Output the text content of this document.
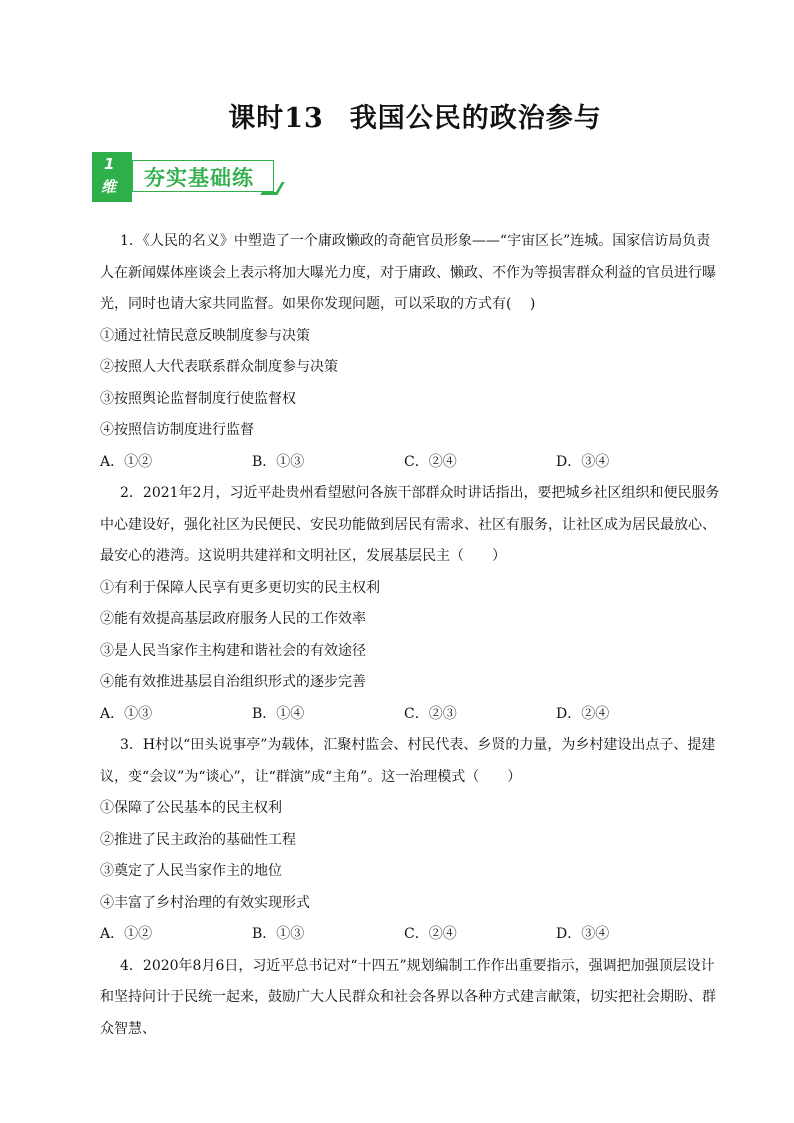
课时13 我国公民的政治参与
1
维 夯实基础练
1．《人民的名义》中塑造了一个庸政懒政的奇葩官员形象——“宇宙区长”连城。国家信访局负责人在新闻媒体座谈会上表示将加大曝光力度，对于庸政、懒政、不作为等损害群众利益的官员进行曝光，同时也请大家共同监督。如果你发现问题，可以采取的方式有(　 )
①通过社情民意反映制度参与决策
②按照人大代表联系群众制度参与决策
③按照舆论监督制度行使监督权
④按照信访制度进行监督
A．①②	B．①③	C．②④	D．③④
2．2021年2月，习近平赴贵州看望慰问各族干部群众时讲话指出，要把城乡社区组织和便民服务中心建设好，强化社区为民便民、安民功能做到居民有需求、社区有服务，让社区成为居民最放心、最安心的港湾。这说明共建祥和文明社区，发展基层民主（　　）
①有利于保障人民享有更多更切实的民主权利
②能有效提高基层政府服务人民的工作效率
③是人民当家作主构建和谐社会的有效途径
④能有效推进基层自治组织形式的逐步完善
A．①③	B．①④	C．②③	D．②④
3．H村以“田头说事亭”为载体，汇聚村监会、村民代表、乡贤的力量，为乡村建设出点子、提建议，变“会议”为“谈心”，让“群演”成“主角”。这一治理模式（　　）
①保障了公民基本的民主权利
②推进了民主政治的基础性工程
③奠定了人民当家作主的地位
④丰富了乡村治理的有效实现形式
A．①②	B．①③	C．②④	D．③④
4．2020年8月6日，习近平总书记对“十四五”规划编制工作作出重要指示，强调把加强顶层设计和坚持问计于民统一起来，鼓励广大人民群众和社会各界以各种方式建言献策，切实把社会期盼、群众智慧、
